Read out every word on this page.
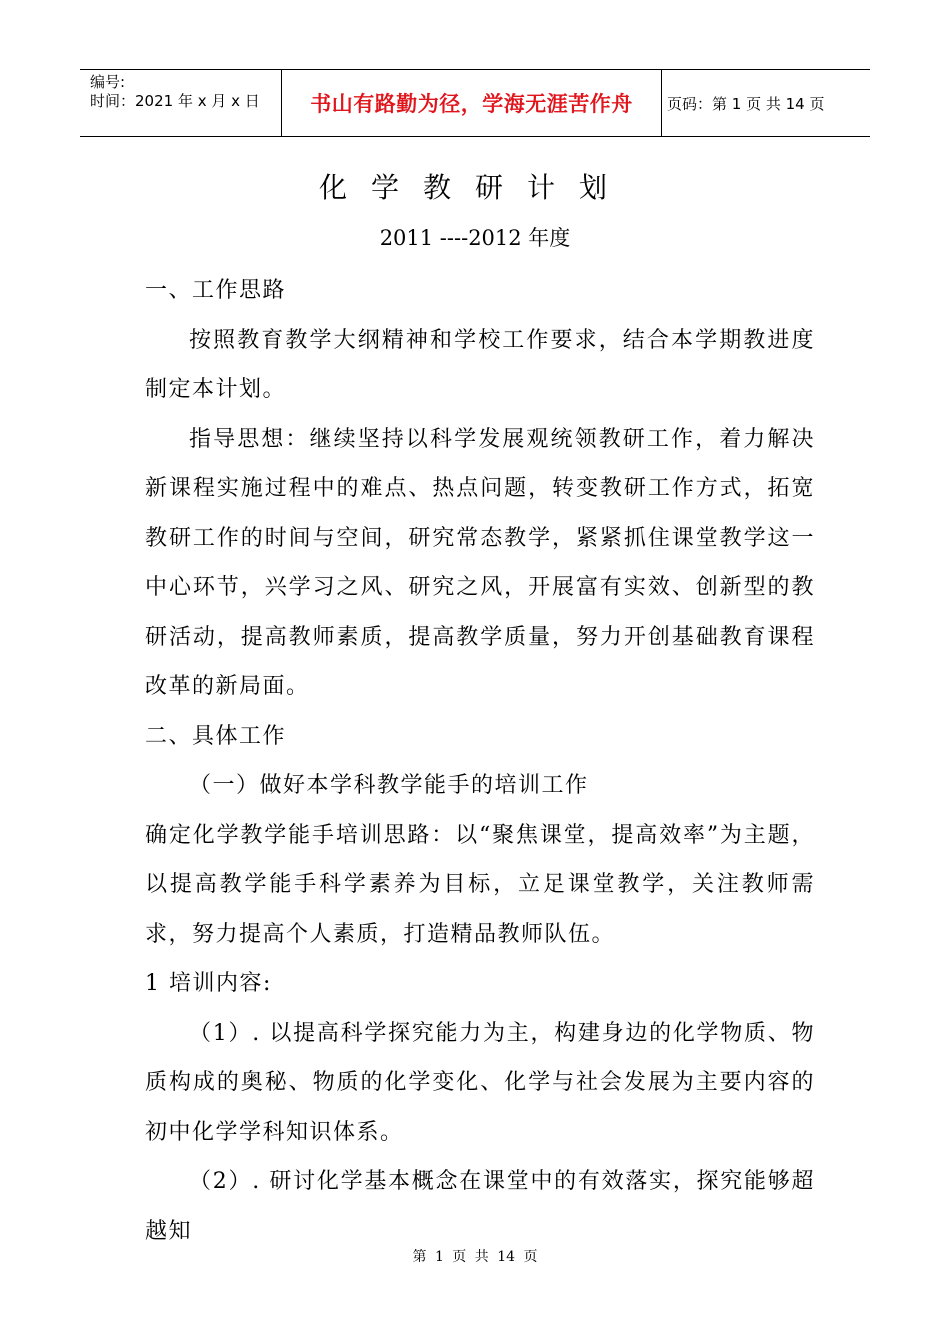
编号:
时间：2021 年 x 月 x 日 书山有路勤为径，学海无涯苦作舟 页码：第 1 页 共 14 页
化学教研计划
2011 ----2012 年度

一、工作思路

按照教育教学大纲精神和学校工作要求，结合本学期教进度制定本计划。

指导思想：继续坚持以科学发展观统领教研工作，着力解决新课程实施过程中的难点、热点问题，转变教研工作方式，拓宽教研工作的时间与空间，研究常态教学，紧紧抓住课堂教学这一中心环节，兴学习之风、研究之风，开展富有实效、创新型的教研活动，提高教师素质，提高教学质量，努力开创基础教育课程改革的新局面。

二、具体工作

（一）做好本学科教学能手的培训工作

确定化学教学能手培训思路：以“聚焦课堂，提高效率”为主题，以提高教学能手科学素养为目标，立足课堂教学，关注教师需求，努力提高个人素质，打造精品教师队伍。

1 培训内容:

（1）. 以提高科学探究能力为主，构建身边的化学物质、物质构成的奥秘、物质的化学变化、化学与社会发展为主要内容的初中化学学科知识体系。

（2）. 研讨化学基本概念在课堂中的有效落实，探究能够超越知

第 1 页 共 14 页
